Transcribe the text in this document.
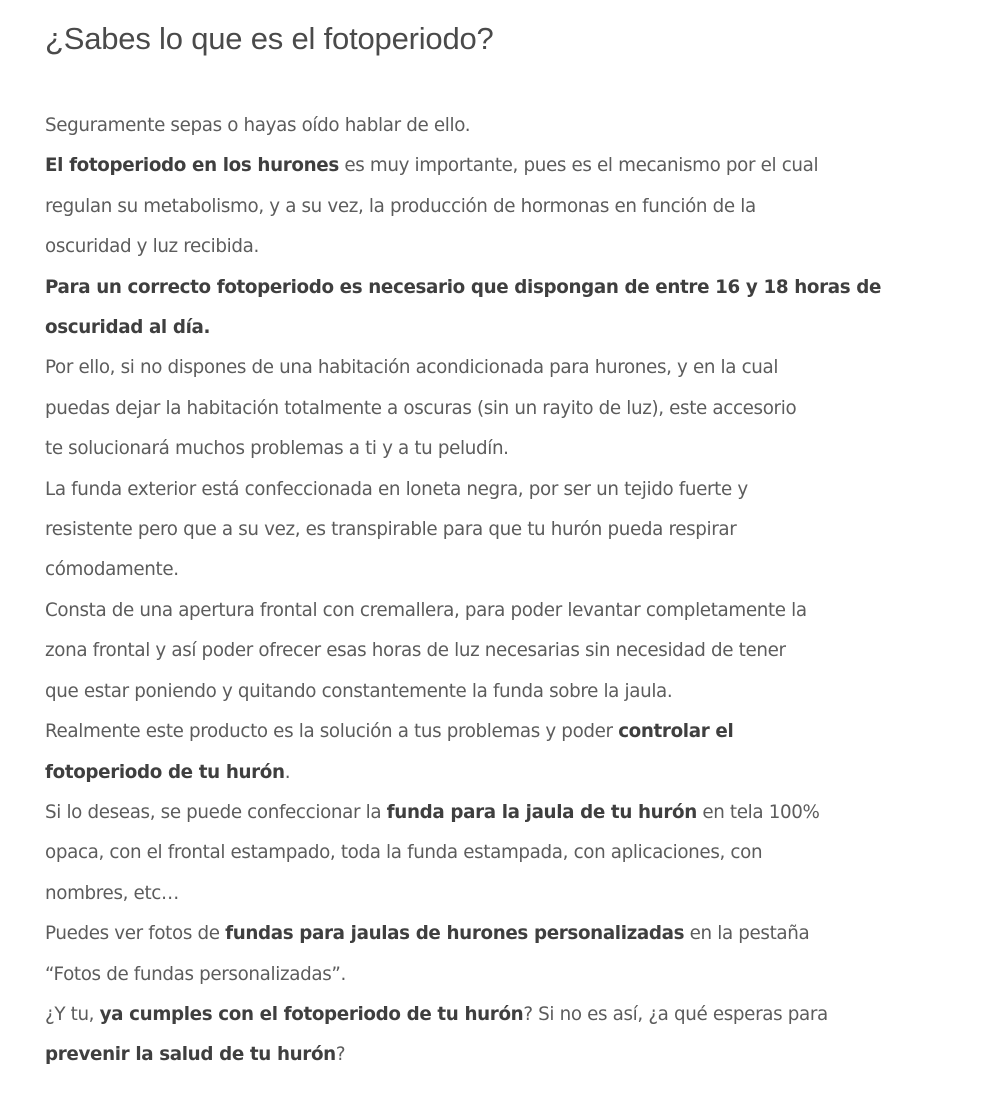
¿Sabes lo que es el fotoperiodo?
Seguramente sepas o hayas oído hablar de ello.
El fotoperiodo en los hurones es muy importante, pues es el mecanismo por el cual
regulan su metabolismo, y a su vez, la producción de hormonas en función de la
oscuridad y luz recibida.
Para un correcto fotoperiodo es necesario que dispongan de entre 16 y 18 horas de
oscuridad al día.
Por ello, si no dispones de una habitación acondicionada para hurones, y en la cual
puedas dejar la habitación totalmente a oscuras (sin un rayito de luz), este accesorio
te solucionará muchos problemas a ti y a tu peludín.
La funda exterior está confeccionada en loneta negra, por ser un tejido fuerte y
resistente pero que a su vez, es transpirable para que tu hurón pueda respirar
cómodamente.
Consta de una apertura frontal con cremallera, para poder levantar completamente la
zona frontal y así poder ofrecer esas horas de luz necesarias sin necesidad de tener
que estar poniendo y quitando constantemente la funda sobre la jaula.
Realmente este producto es la solución a tus problemas y poder controlar el
fotoperiodo de tu hurón.
Si lo deseas, se puede confeccionar la funda para la jaula de tu hurón en tela 100%
opaca, con el frontal estampado, toda la funda estampada, con aplicaciones, con
nombres, etc…
Puedes ver fotos de fundas para jaulas de hurones personalizadas en la pestaña
“Fotos de fundas personalizadas”.
¿Y tu, ya cumples con el fotoperiodo de tu hurón? Si no es así, ¿a qué esperas para
prevenir la salud de tu hurón?
